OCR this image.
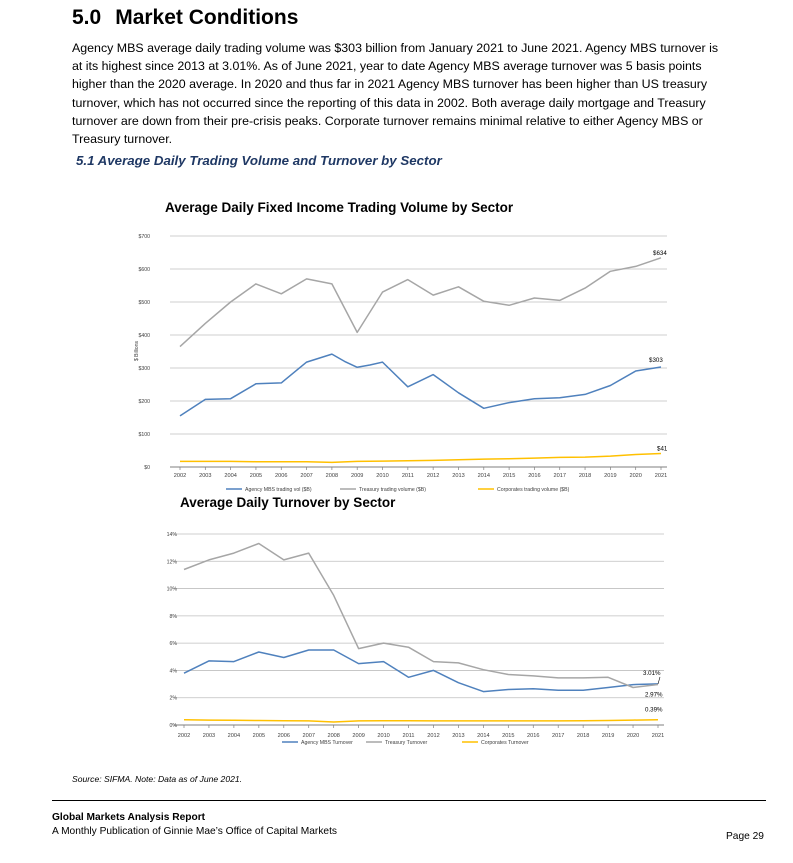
5.0 Market Conditions

Agency MBS average daily trading volume was $303 billion from January 2021 to June 2021. Agency MBS turnover is at its highest since 2013 at 3.01%. As of June 2021, year to date Agency MBS average turnover was 5 basis points higher than the 2020 average. In 2020 and thus far in 2021 Agency MBS turnover has been higher than US treasury turnover, which has not occurred since the reporting of this data in 2002. Both average daily mortgage and Treasury turnover are down from their pre-crisis peaks. Corporate turnover remains minimal relative to either Agency MBS or Treasury turnover.

5.1 Average Daily Trading Volume and Turnover by Sector
Average Daily Fixed Income Trading Volume by Sector
Average Daily Turnover by Sector
$0
$100
$200
$300
$400
$500
$600
$700
$ Billions
2002 2003 2004 2005 2006 2007 2008 2009 2010 2011 2012 2013 2014 2015 2016 2017 2018 2019 2020 2021
$634
$303
$41
Agency MBS trading vol ($B)	Treasury trading volume ($B)	Corporates trading volume ($B)
0%
2%
4%
6%
8%
10%
12%
14%
2002 2003 2004 2005 2006 2007 2008 2009 2010 2011 2012 2013 2014 2015 2016 2017 2018 2019 2020 2021
3.01%
2.97%
0.39%
Agency MBS Turnover	Treasury Turnover	Corporates Turnover
Source: SIFMA. Note: Data as of June 2021.
Global Markets Analysis Report
A Monthly Publication of Ginnie Mae’s Office of Capital Markets	Page 29
